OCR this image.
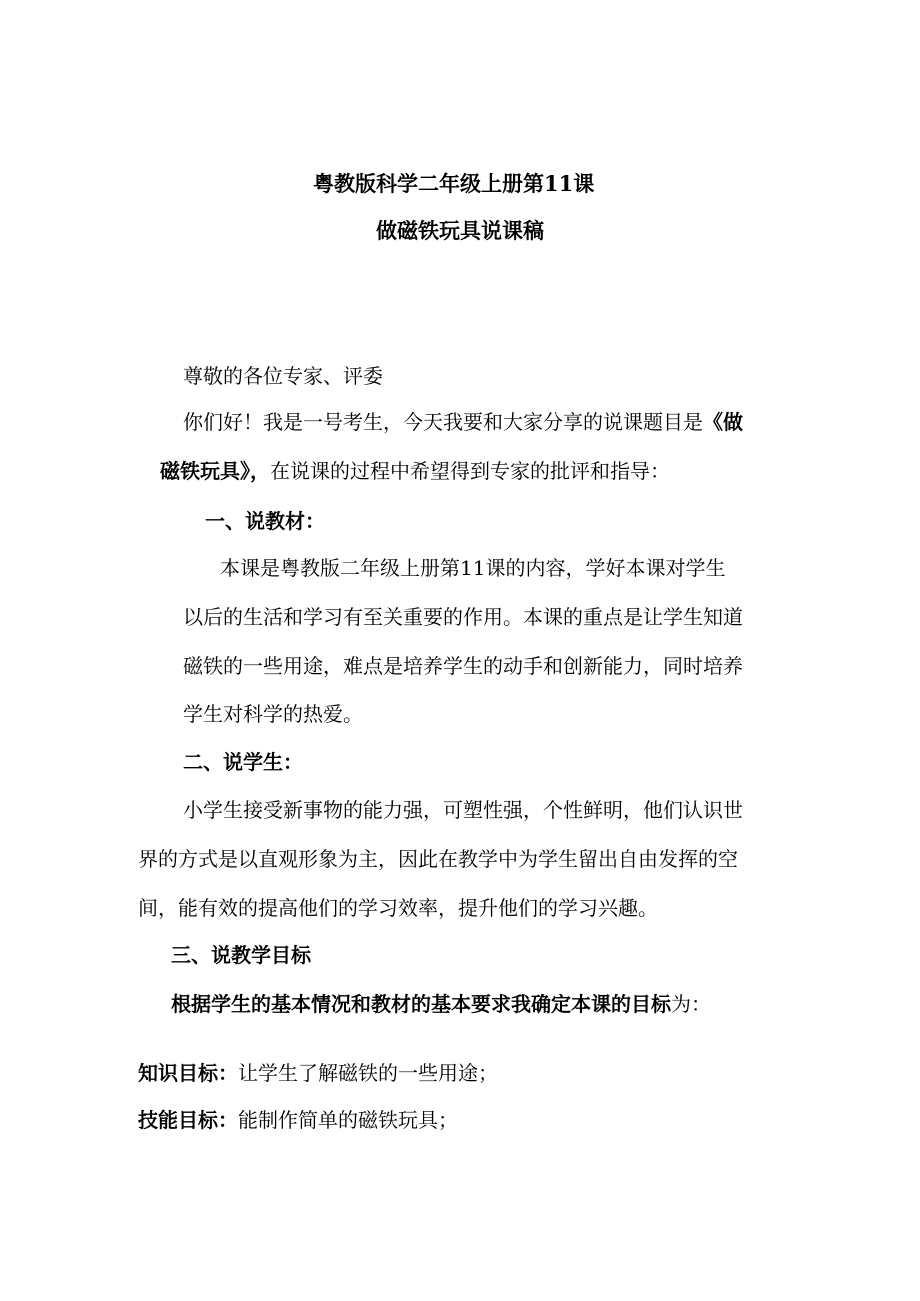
粤教版科学二年级上册第11课
做磁铁玩具说课稿
尊敬的各位专家、评委
你们好！我是一号考生，今天我要和大家分享的说课题目是《做
磁铁玩具》，在说课的过程中希望得到专家的批评和指导：
一、说教材：
本课是粤教版二年级上册第11课的内容，学好本课对学生
以后的生活和学习有至关重要的作用。本课的重点是让学生知道
磁铁的一些用途，难点是培养学生的动手和创新能力，同时培养
学生对科学的热爱。
二、说学生：
小学生接受新事物的能力强，可塑性强，个性鲜明，他们认识世
界的方式是以直观形象为主，因此在教学中为学生留出自由发挥的空
间，能有效的提高他们的学习效率，提升他们的学习兴趣。
三、说教学目标
根据学生的基本情况和教材的基本要求我确定本课的目标为：
知识目标：让学生了解磁铁的一些用途；
技能目标：能制作简单的磁铁玩具；
